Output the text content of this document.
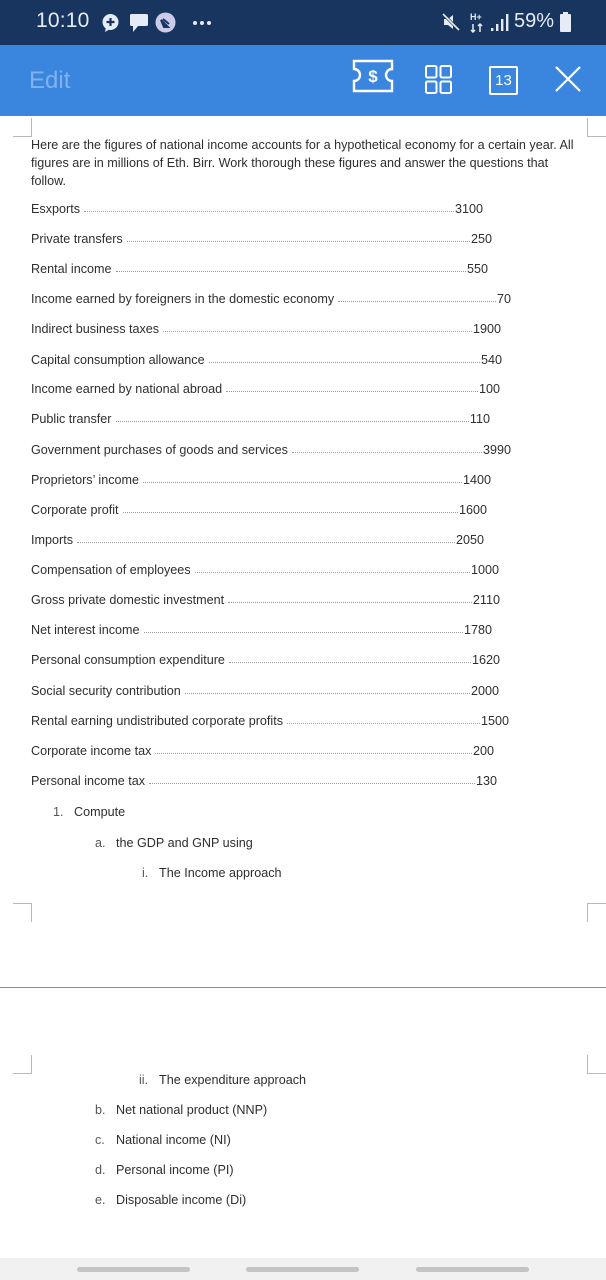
10:10	H+ 59%
Edit	$	13
Here are the figures of national income accounts for a hypothetical economy for a certain year. All figures are in millions of Eth. Birr. Work thorough these figures and answer the questions that follow.
Esxports	3100
Private transfers	250
Rental income	550
Income earned by foreigners in the domestic economy	70
Indirect business taxes	1900
Capital consumption allowance	540
Income earned by national abroad	100
Public transfer	110
Government purchases of goods and services	3990
Proprietors’ income	1400
Corporate profit	1600
Imports	2050
Compensation of employees	1000
Gross private domestic investment	2110
Net interest income	1780
Personal consumption expenditure	1620
Social security contribution	2000
Rental earning undistributed corporate profits	1500
Corporate income tax	200
Personal income tax	130
1. Compute
a. the GDP and GNP using
i. The Income approach
ii. The expenditure approach
b. Net national product (NNP)
c. National income (NI)
d. Personal income (PI)
e. Disposable income (Di)
